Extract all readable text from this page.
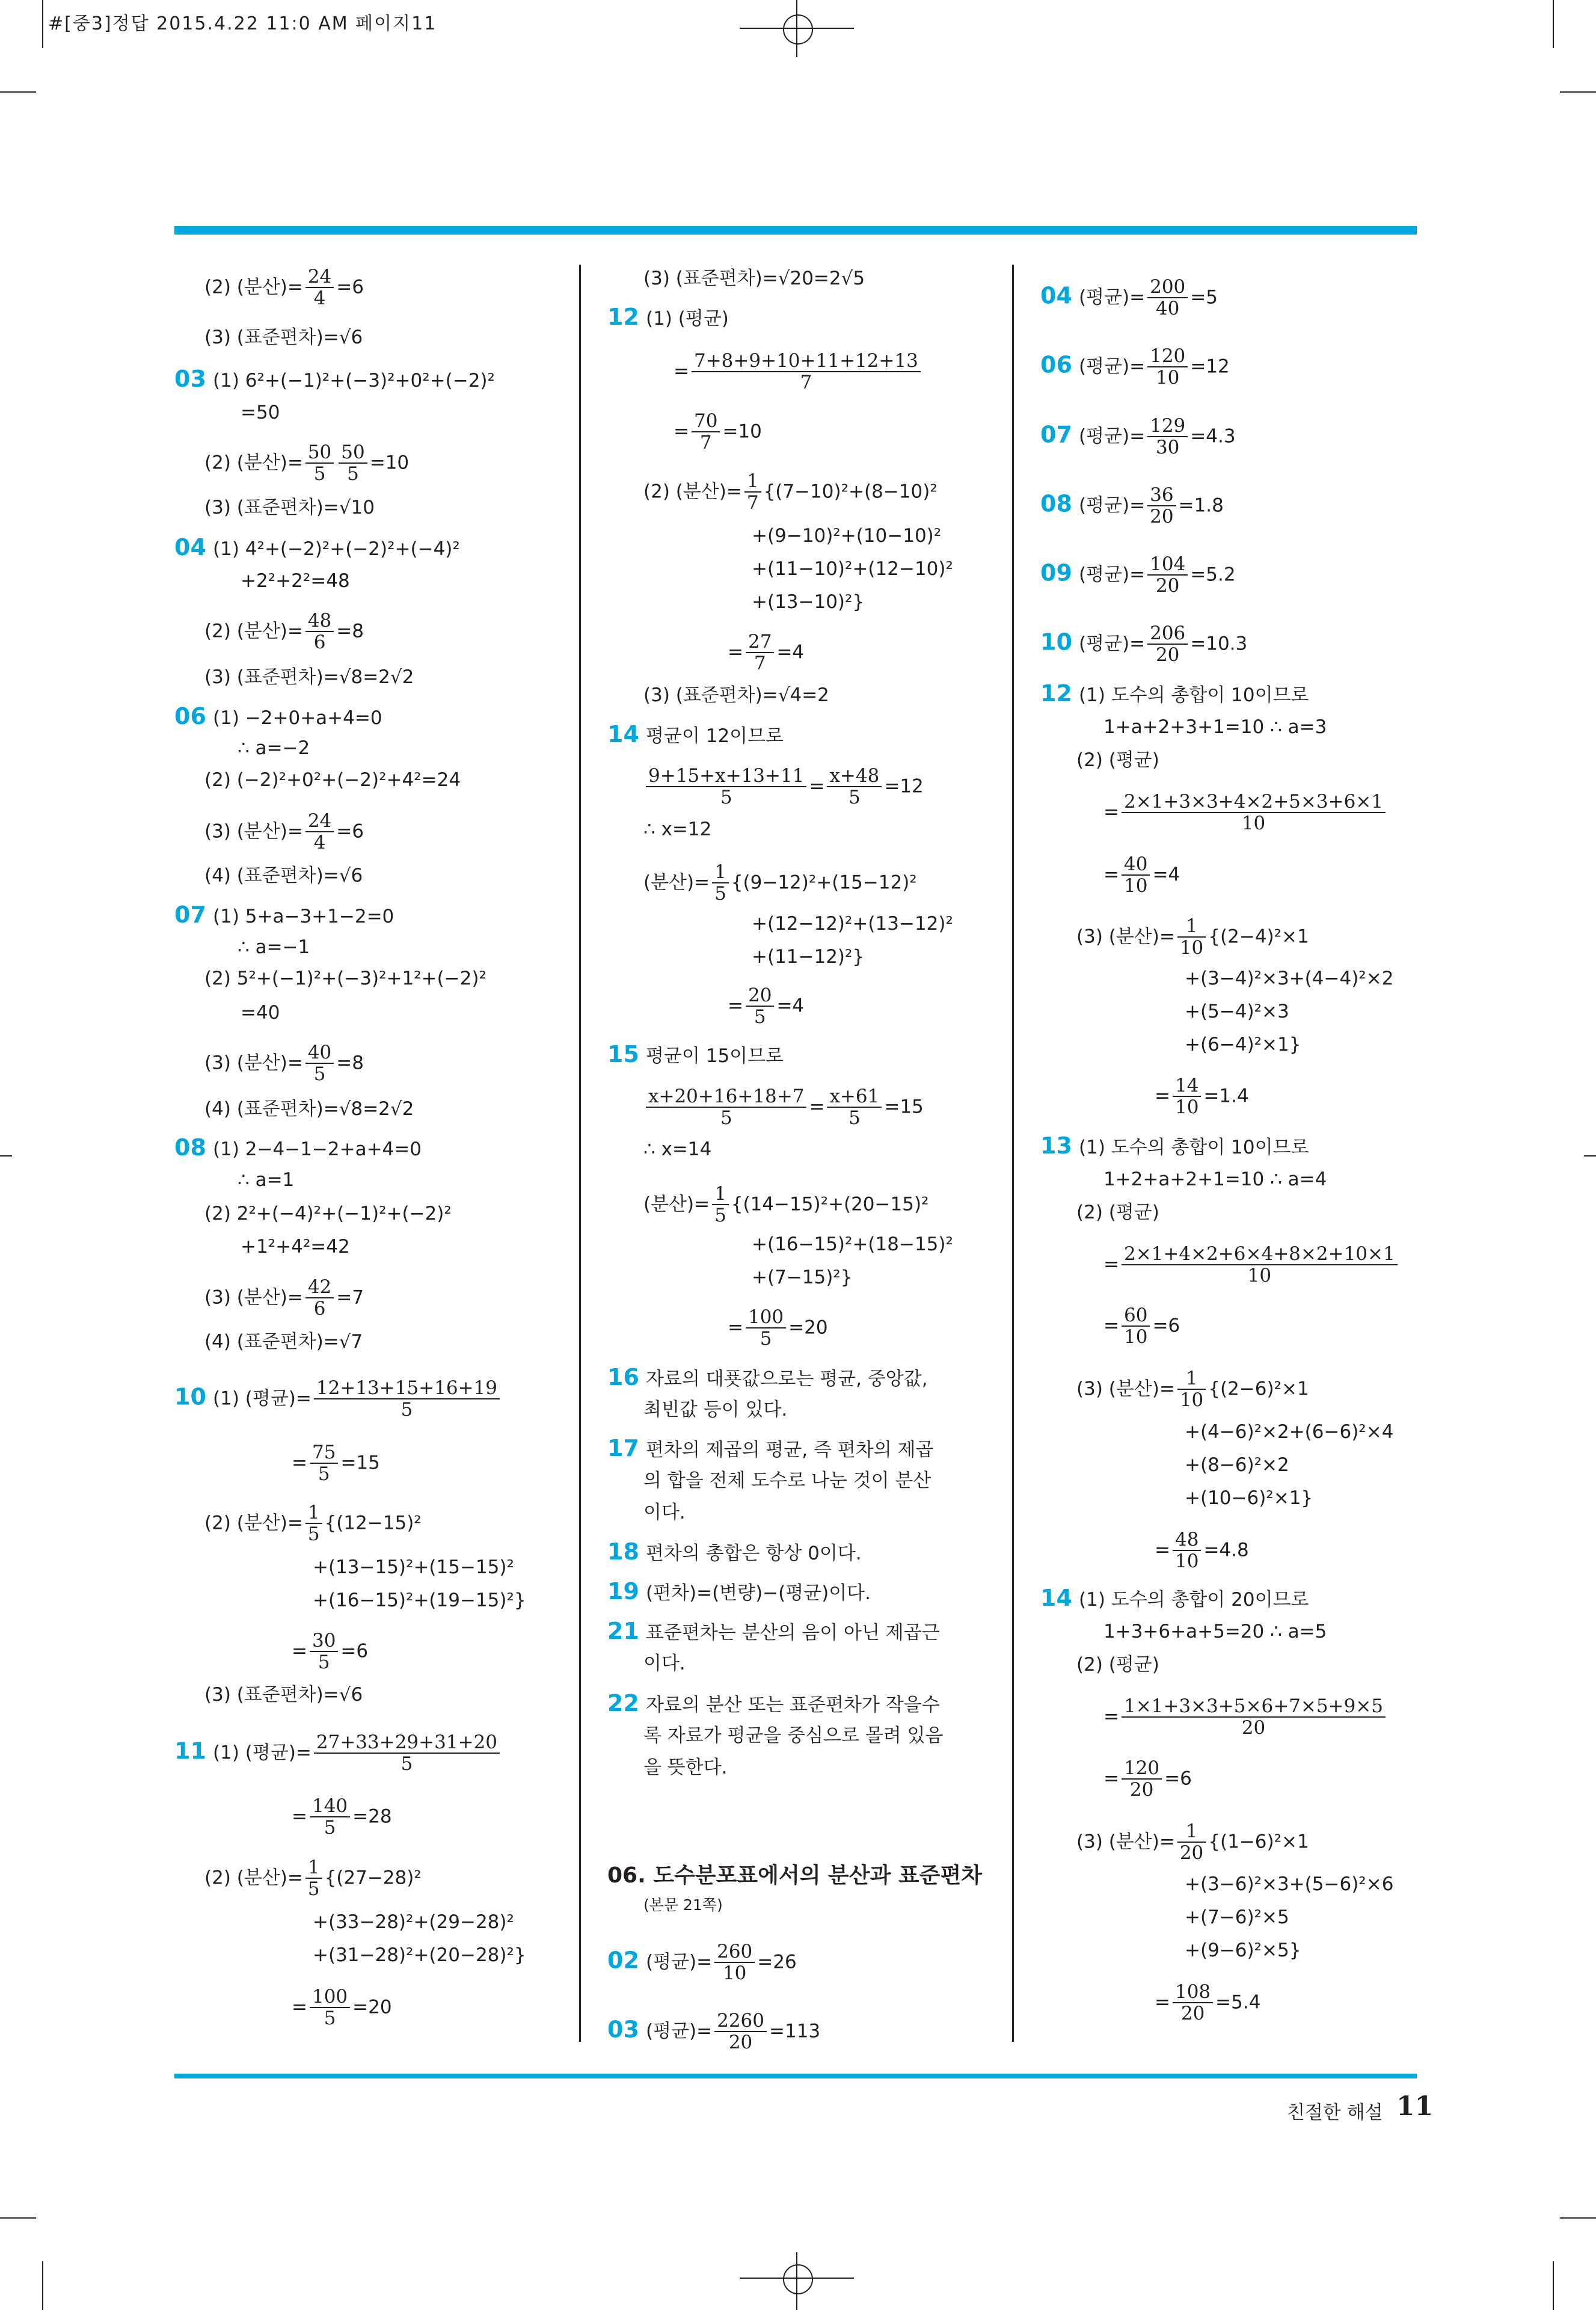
#[중3]정답 2015.4.22 11:0 AM 페이지11
(2) (분산)= $\frac{24}{4} =6$
(3) (표준편차)=√6
03 (1) 6²+(−1)²+(−3)²+0²+(−2)²
=50
(2) (분산)= $\frac{50}{5} \frac{50}{5} =10$
(3) (표준편차)=√10
04 (1) 4²+(−2)²+(−2)²+(−4)²
+2²+2²=48
(2) (분산)= $\frac{48}{6} =8$
(3) (표준편차)=√8=2√2
06 (1) −2+0+a+4=0
∴ a=−2
(2) (−2)²+0²+(−2)²+4²=24
(3) (분산)= $\frac{24}{4} =6$
(4) (표준편차)=√6
07 (1) 5+a−3+1−2=0
∴ a=−1
(2) 5²+(−1)²+(−3)²+1²+(−2)²
=40
(3) (분산)= $\frac{40}{5} =8$
(4) (표준편차)=√8=2√2
08 (1) 2−4−1−2+a+4=0
∴ a=1
(2) 2²+(−4)²+(−1)²+(−2)²
+1²+4²=42
(3) (분산)= $\frac{42}{6} =7$
(4) (표준편차)=√7
10 (1) (평균)= $\frac{12+13+15+16+19}{5}$
= $\frac{75}{5} =15$
(2) (분산)= $\frac{1}{5} \{(12-15)^2$
+(13−15)²+(15−15)²
+(16−15)²+(19−15)²}
= $\frac{30}{5} =6$
(3) (표준편차)=√6
11 (1) (평균)= $\frac{27+33+29+31+20}{5}$
= $\frac{140}{5} =28$
(2) (분산)= $\frac{1}{5} \{(27-28)^2$
+(33−28)²+(29−28)²
+(31−28)²+(20−28)²}
= $\frac{100}{5} =20$
(3) (표준편차)=√20=2√5
12 (1) (평균)
= $\frac{7+8+9+10+11+12+13}{7}$
= $\frac{70}{7} =10$
(2) (분산)= $\frac{1}{7} \{(7-10)^2+(8-10)^2$
+(9−10)²+(10−10)²
+(11−10)²+(12−10)²
+(13−10)²}
= $\frac{27}{7} =4$
(3) (표준편차)=√4=2
14 평균이 12이므로
$\frac{9+15+x+13+11}{5} = \frac{x+48}{5} =12$
∴ x=12
(분산)= $\frac{1}{5} \{(9-12)^2+(15-12)^2$
+(12−12)²+(13−12)²
+(11−12)²}
= $\frac{20}{5} =4$
15 평균이 15이므로
$\frac{x+20+16+18+7}{5} = \frac{x+61}{5} =15$
∴ x=14
(분산)= $\frac{1}{5} \{(14-15)^2+(20-15)^2$
+(16−15)²+(18−15)²
+(7−15)²}
= $\frac{100}{5} =20$
16 자료의 대푯값으로는 평균, 중앙값,
최빈값 등이 있다.
17 편차의 제곱의 평균, 즉 편차의 제곱
의 합을 전체 도수로 나눈 것이 분산
이다.
18 편차의 총합은 항상 0이다.
19 (편차)=(변량)−(평균)이다.
21 표준편차는 분산의 음이 아닌 제곱근
이다.
22 자료의 분산 또는 표준편차가 작을수
록 자료가 평균을 중심으로 몰려 있음
을 뜻한다.
02 (평균)= $\frac{260}{10} =26$
03 (평균)= $\frac{2260}{20} =113$
04 (평균)= $\frac{200}{40} =5$
06 (평균)= $\frac{120}{10} =12$
07 (평균)= $\frac{129}{30} =4.3$
08 (평균)= $\frac{36}{20} =1.8$
09 (평균)= $\frac{104}{20} =5.2$
10 (평균)= $\frac{206}{20} =10.3$
12 (1) 도수의 총합이 10이므로
1+a+2+3+1=10 ∴ a=3
(2) (평균)
= $\frac{2\times 1+3\times 3+4\times 2+5\times 3+6\times 1}{10}$
= $\frac{40}{10} =4$
(3) (분산)= $\frac{1}{10} \{(2-4)^2\times 1$
+(3−4)²×3+(4−4)²×2
+(5−4)²×3
+(6−4)²×1}
= $\frac{14}{10} =1.4$
13 (1) 도수의 총합이 10이므로
1+2+a+2+1=10 ∴ a=4
(2) (평균)
= $\frac{2\times 1+4\times 2+6\times 4+8\times 2+10\times 1}{10}$
= $\frac{60}{10} =6$
(3) (분산)= $\frac{1}{10} \{(2-6)^2\times 1$
+(4−6)²×2+(6−6)²×4
+(8−6)²×2
+(10−6)²×1}
= $\frac{48}{10} =4.8$
14 (1) 도수의 총합이 20이므로
1+3+6+a+5=20 ∴ a=5
(2) (평균)
= $\frac{1\times 1+3\times 3+5\times 6+7\times 5+9\times 5}{20}$
= $\frac{120}{20} =6$
(3) (분산)= $\frac{1}{20} \{(1-6)^2\times 1$
+(3−6)²×3+(5−6)²×6
+(7−6)²×5
+(9−6)²×5}
= $\frac{108}{20} =5.4$
06. 도수분포표에서의 분산과 표준편차
(본문 21쪽)
친절한 해설 11
